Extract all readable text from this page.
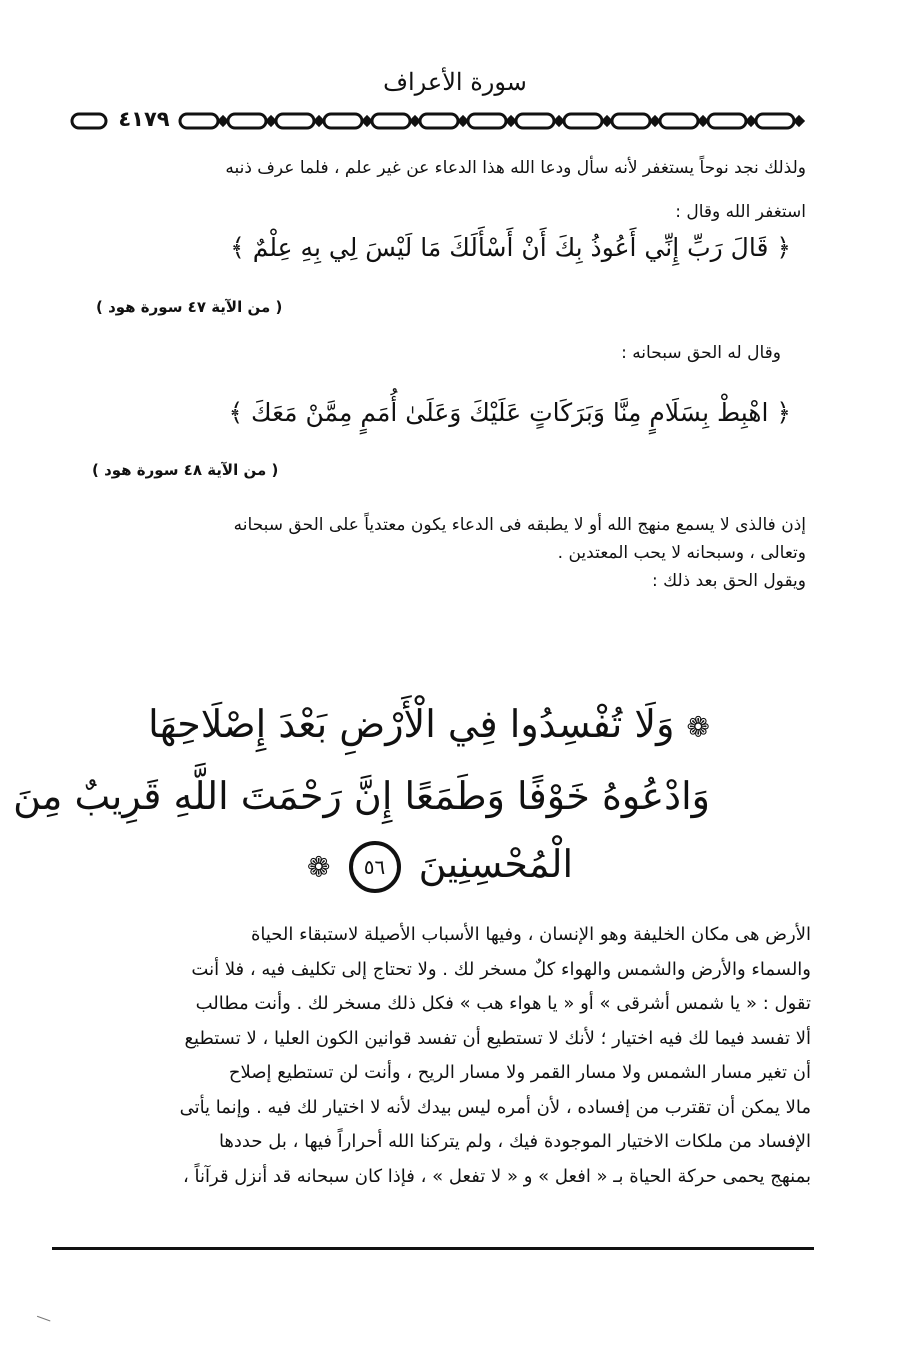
سورة الأعراف
٤١٧٩
ولذلك نجد نوحاً يستغفر لأنه سأل ودعا الله هذا الدعاء عن غير علم ، فلما عرف ذنبه
استغفر الله وقال :
﴿ قَالَ رَبِّ إِنِّي أَعُوذُ بِكَ أَنْ أَسْأَلَكَ مَا لَيْسَ لِي بِهِ عِلْمٌ ﴾
( من الآية ٤٧ سورة هود )
وقال له الحق سبحانه :
﴿ اهْبِطْ بِسَلَامٍ مِنَّا وَبَرَكَاتٍ عَلَيْكَ وَعَلَىٰ أُمَمٍ مِمَّنْ مَعَكَ ﴾
( من الآية ٤٨ سورة هود )
إذن فالذى لا يسمع منهج الله أو لا يطبقه فى الدعاء يكون معتدياً على الحق سبحانه
وتعالى ، وسبحانه لا يحب المعتدين .
ويقول الحق بعد ذلك :
❁ وَلَا تُفْسِدُوا فِي الْأَرْضِ بَعْدَ إِصْلَاحِهَا
وَادْعُوهُ خَوْفًا وَطَمَعًا إِنَّ رَحْمَتَ اللَّهِ قَرِيبٌ مِنَ
الْمُحْسِنِينَ ٥٦ ❁
الأرض هى مكان الخليفة وهو الإنسان ، وفيها الأسباب الأصيلة لاستبقاء الحياة
والسماء والأرض والشمس والهواء كلٌ مسخر لك . ولا تحتاج إلى تكليف فيه ، فلا أنت
تقول : « يا شمس أشرقى » أو « يا هواء هب » فكل ذلك مسخر لك . وأنت مطالب
ألا تفسد فيما لك فيه اختيار ؛ لأنك لا تستطيع أن تفسد قوانين الكون العليا ، لا تستطيع
أن تغير مسار الشمس ولا مسار القمر ولا مسار الريح ، وأنت لن تستطيع إصلاح
مالا يمكن أن تقترب من إفساده ، لأن أمره ليس بيدك لأنه لا اختيار لك فيه . وإنما يأتى
الإفساد من ملكات الاختيار الموجودة فيك ، ولم يتركنا الله أحراراً فيها ، بل حددها
بمنهج يحمى حركة الحياة بـ « افعل » و « لا تفعل » ، فإذا كان سبحانه قد أنزل قرآناً ،
